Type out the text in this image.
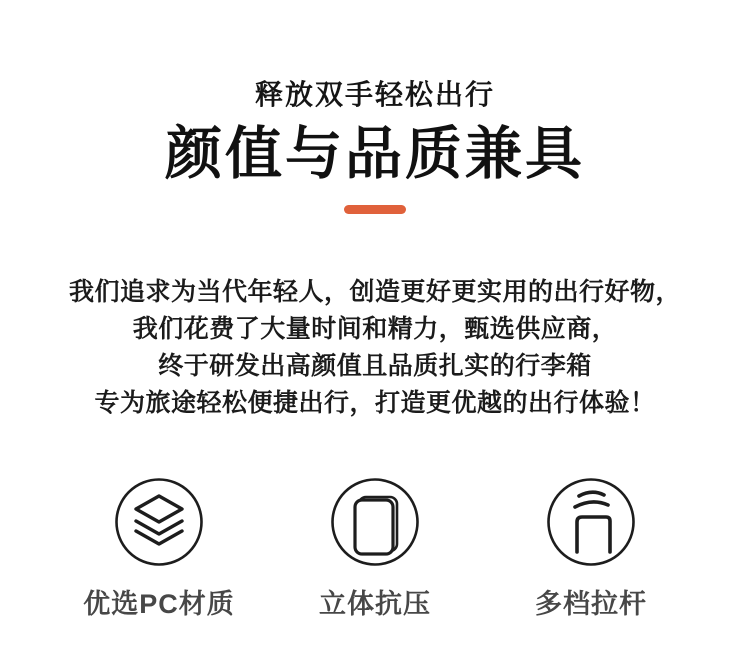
释放双手轻松出行
颜值与品质兼具
我们追求为当代年轻人，创造更好更实用的出行好物，
我们花费了大量时间和精力，甄选供应商，
终于研发出高颜值且品质扎实的行李箱
专为旅途轻松便捷出行，打造更优越的出行体验！
优选PC材质	立体抗压	多档拉杆
